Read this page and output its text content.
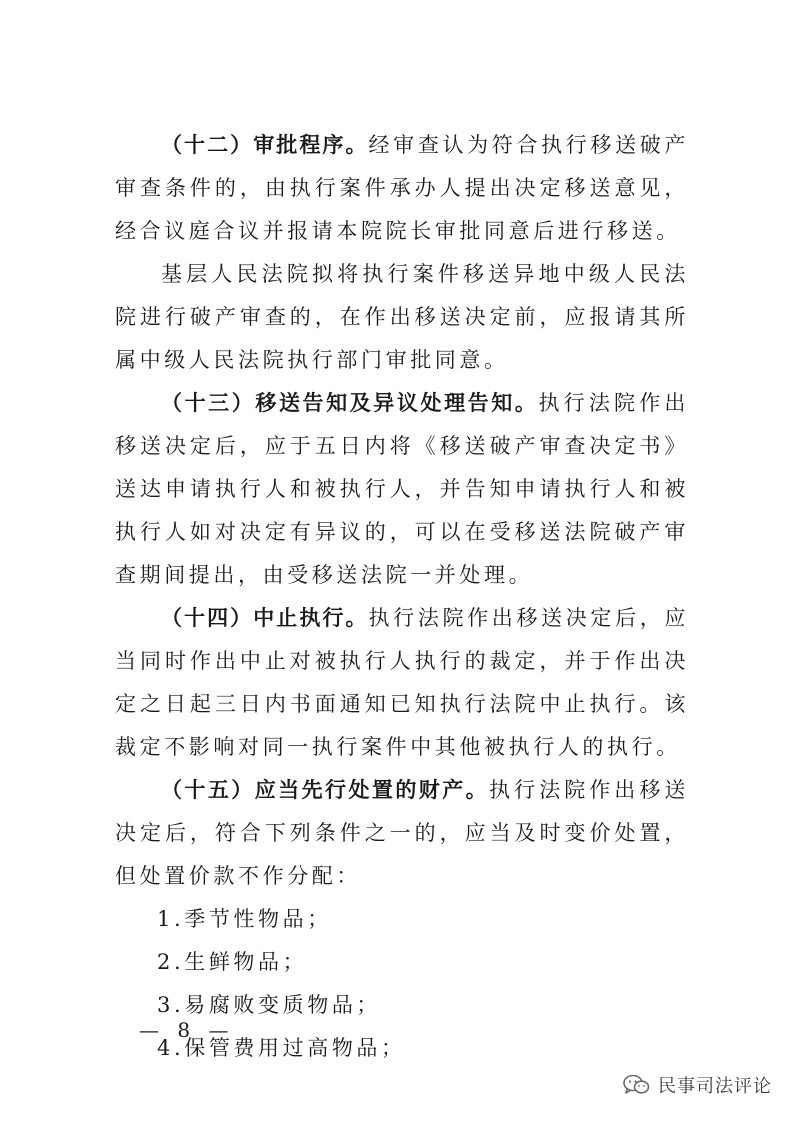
（十二）审批程序。经审查认为符合执行移送破产审查条件的，由执行案件承办人提出决定移送意见，经合议庭合议并报请本院院长审批同意后进行移送。

基层人民法院拟将执行案件移送异地中级人民法院进行破产审查的，在作出移送决定前，应报请其所属中级人民法院执行部门审批同意。

（十三）移送告知及异议处理告知。执行法院作出移送决定后，应于五日内将《移送破产审查决定书》送达申请执行人和被执行人，并告知申请执行人和被执行人如对决定有异议的，可以在受移送法院破产审查期间提出，由受移送法院一并处理。

（十四）中止执行。执行法院作出移送决定后，应当同时作出中止对被执行人执行的裁定，并于作出决定之日起三日内书面通知已知执行法院中止执行。该裁定不影响对同一执行案件中其他被执行人的执行。

（十五）应当先行处置的财产。执行法院作出移送决定后，符合下列条件之一的，应当及时变价处置，但处置价款不作分配：

1.季节性物品；

2.生鲜物品；

3.易腐败变质物品；

4.保管费用过高物品；

— 8 —
民事司法评论
